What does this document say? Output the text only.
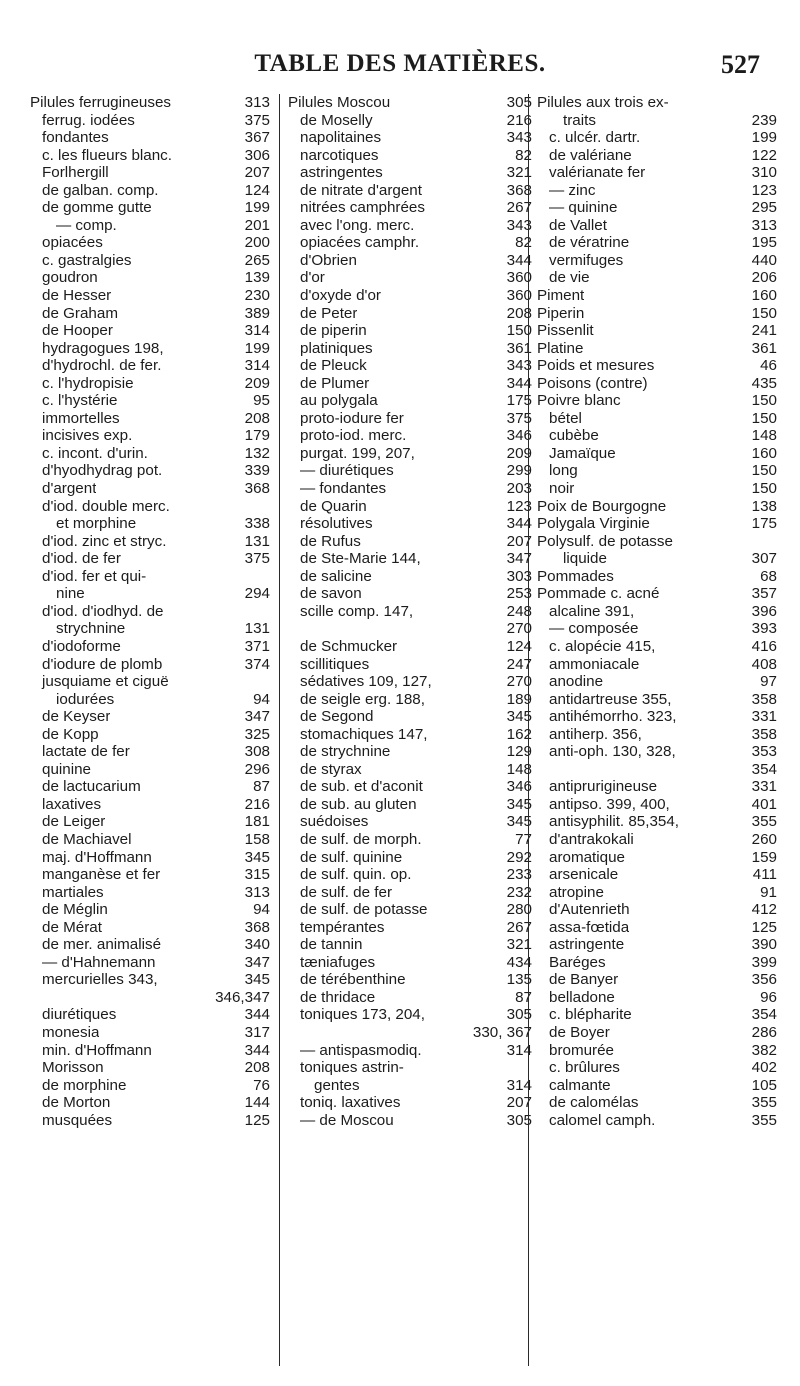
TABLE DES MATIÈRES.	527
Pilules ferrugineuses	313
ferrug. iodées	375
fondantes	367
c. les flueurs blanc.	306
Forlhergill	207
de galban. comp.	124
de gomme gutte	199
— comp.	201
opiacées	200
c. gastralgies	265
goudron	139
de Hesser	230
de Graham	389
de Hooper	314
hydragogues 198,	199
d'hydrochl. de fer.	314
c. l'hydropisie	209
c. l'hystérie	95
immortelles	208
incisives exp.	179
c. incont. d'urin.	132
d'hyodhydrag pot.	339
d'argent	368
d'iod. double merc.
et morphine	338
d'iod. zinc et stryc.	131
d'iod. de fer	375
d'iod. fer et qui-
nine	294
d'iod. d'iodhyd. de
strychnine	131
d'iodoforme	371
d'iodure de plomb	374
jusquiame et ciguë
iodurées	94
de Keyser	347
de Kopp	325
lactate de fer	308
quinine	296
de lactucarium	87
laxatives	216
de Leiger	181
de Machiavel	158
maj. d'Hoffmann	345
manganèse et fer	315
martiales	313
de Méglin	94
de Mérat	368
de mer. animalisé	340
— d'Hahnemann	347
mercurielles 343,	345
346,347
diurétiques	344
monesia	317
min. d'Hoffmann	344
Morisson	208
de morphine	76
de Morton	144
musquées	125
Pilules Moscou	305
de Moselly	216
napolitaines	343
narcotiques	82
astringentes	321
de nitrate d'argent	368
nitrées camphrées	267
avec l'ong. merc.	343
opiacées camphr.	82
d'Obrien	344
d'or	360
d'oxyde d'or	360
de Peter	208
de piperin	150
platiniques	361
de Pleuck	343
de Plumer	344
au polygala	175
proto-iodure fer	375
proto-iod. merc.	346
purgat. 199, 207,	209
— diurétiques	299
— fondantes	203
de Quarin	123
résolutives	344
de Rufus	207
de Ste-Marie 144,	347
de salicine	303
de savon	253
scille comp. 147,	248
270
de Schmucker	124
scillitiques	247
sédatives 109, 127,	270
de seigle erg. 188,	189
de Segond	345
stomachiques 147,	162
de strychnine	129
de styrax	148
de sub. et d'aconit	346
de sub. au gluten	345
suédoises	345
de sulf. de morph.	77
de sulf. quinine	292
de sulf. quin. op.	233
de sulf. de fer	232
de sulf. de potasse	280
tempérantes	267
de tannin	321
tæniafuges	434
de térébenthine	135
de thridace	87
toniques 173, 204,	305
330, 367
— antispasmodiq.	314
toniques astrin-
gentes	314
toniq. laxatives	207
— de Moscou	305
Pilules aux trois ex-
traits	239
c. ulcér. dartr.	199
de valériane	122
valérianate fer	310
— zinc	123
— quinine	295
de Vallet	313
de vératrine	195
vermifuges	440
de vie	206
Piment	160
Piperin	150
Pissenlit	241
Platine	361
Poids et mesures	46
Poisons (contre)	435
Poivre blanc	150
bétel	150
cubèbe	148
Jamaïque	160
long	150
noir	150
Poix de Bourgogne	138
Polygala Virginie	175
Polysulf. de potasse
liquide	307
Pommades	68
Pommade c. acné	357
alcaline 391,	396
— composée	393
c. alopécie 415,	416
ammoniacale	408
anodine	97
antidartreuse 355,	358
antihémorrho. 323,	331
antiherp. 356,	358
anti-oph. 130, 328,	353
354
antiprurigineuse	331
antipso. 399, 400,	401
antisyphilit. 85,354,	355
d'antrakokali	260
aromatique	159
arsenicale	411
atropine	91
d'Autenrieth	412
assa-fœtida	125
astringente	390
Baréges	399
de Banyer	356
belladone	96
c. blépharite	354
de Boyer	286
bromurée	382
c. brûlures	402
calmante	105
de calomélas	355
calomel camph.	355
